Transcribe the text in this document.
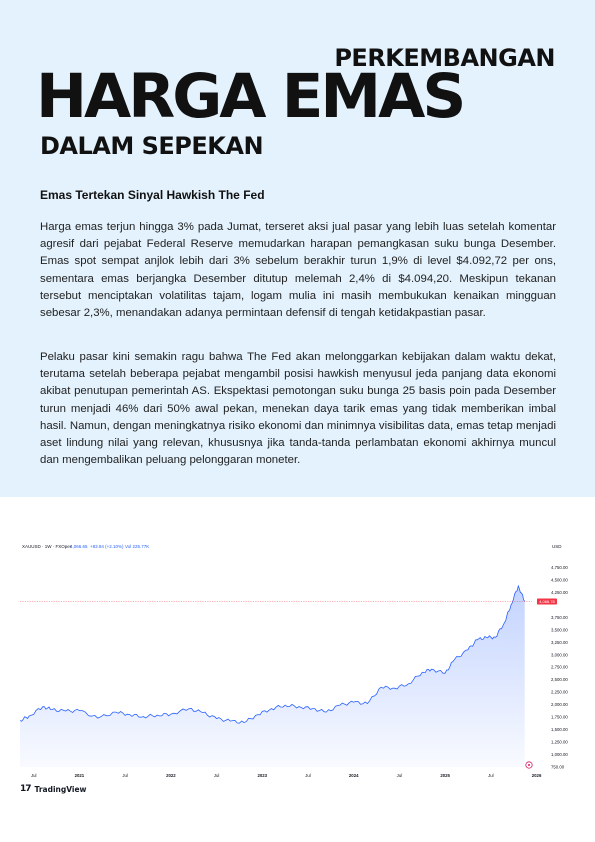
PERKEMBANGAN
HARGA EMAS
DALAM SEPEKAN
Emas Tertekan Sinyal Hawkish The Fed

Harga emas terjun hingga 3% pada Jumat, terseret aksi jual pasar yang lebih luas setelah komentar agresif dari pejabat Federal Reserve memudarkan harapan pemangkasan suku bunga Desember. Emas spot sempat anjlok lebih dari 3% sebelum berakhir turun 1,9% di level $4.092,72 per ons, sementara emas berjangka Desember ditutup melemah 2,4% di $4.094,20. Meskipun tekanan tersebut menciptakan volatilitas tajam, logam mulia ini masih membukukan kenaikan mingguan sebesar 2,3%, menandakan adanya permintaan defensif di tengah ketidakpastian pasar.

Pelaku pasar kini semakin ragu bahwa The Fed akan melonggarkan kebijakan dalam waktu dekat, terutama setelah beberapa pejabat mengambil posisi hawkish menyusul jeda panjang data ekonomi akibat penutupan pemerintah AS. Ekspektasi pemotongan suku bunga 25 basis poin pada Desember turun menjadi 46% dari 50% awal pekan, menekan daya tarik emas yang tidak memberikan imbal hasil. Namun, dengan meningkatnya risiko ekonomi dan minimnya visibilitas data, emas tetap menjadi aset lindung nilai yang relevan, khususnya jika tanda-tanda perlambatan ekonomi akhirnya muncul dan mengembalikan peluang pelonggaran moneter.

XAUUSD · 1W · FXOpen
4,066.65 +83.94 (+2.10%) Vol 225.77K	USD
750.00
1,000.00
1,250.00
1,500.00
1,750.00
2,000.00
2,250.00
2,500.00
2,750.00
3,000.00
3,250.00
3,500.00
3,750.00
4,250.00
4,500.00
4,750.00
Jul	2021	Jul	2022	Jul	2023	Jul	2024	Jul	2025	Jul	2026
4,066.78
17 TradingView
